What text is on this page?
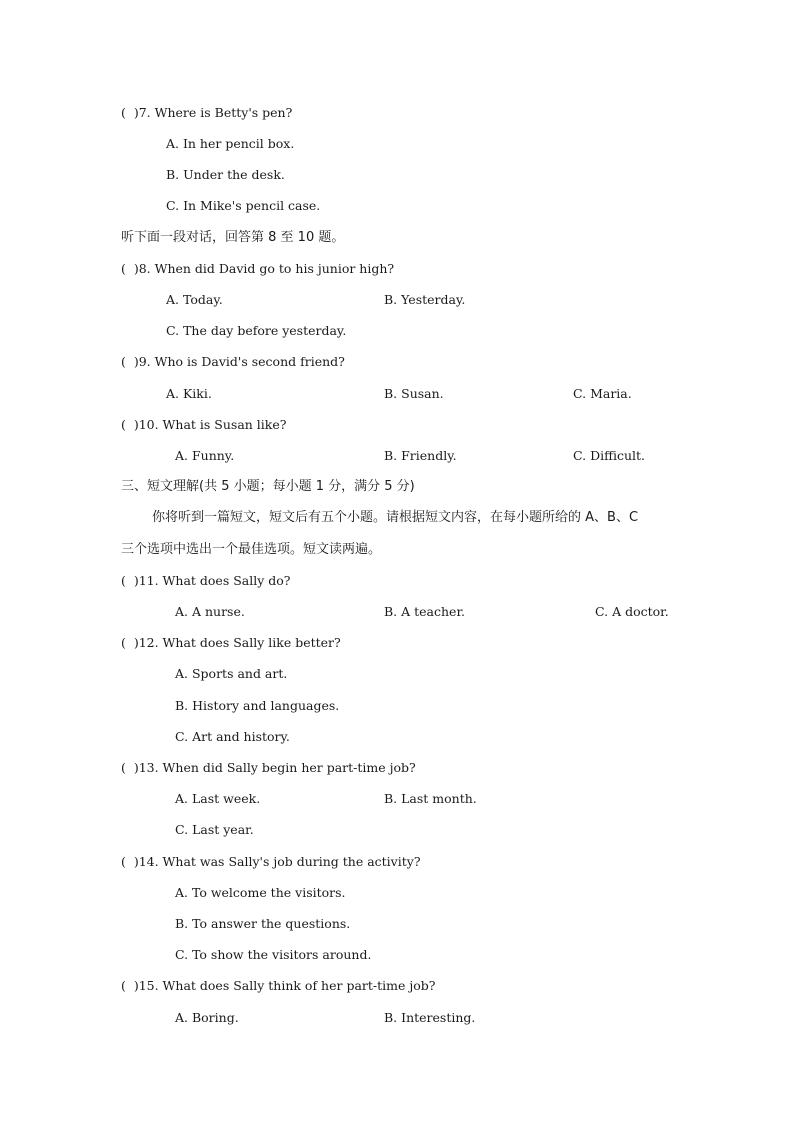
(  )7. Where is Betty's pen?
A. In her pencil box.
B. Under the desk.
C. In Mike's pencil case.
听下面一段对话，回答第 8 至 10 题。
(  )8. When did David go to his junior high?
A. Today.	B. Yesterday.
C. The day before yesterday.
(  )9. Who is David's second friend?
A. Kiki.	B. Susan.	C. Maria.
(  )10. What is Susan like?
A. Funny.	B. Friendly.	C. Difficult.
三、短文理解(共 5 小题；每小题 1 分，满分 5 分)
你将听到一篇短文，短文后有五个小题。请根据短文内容，在每小题所给的 A、B、C
三个选项中选出一个最佳选项。短文读两遍。
(  )11. What does Sally do?
A. A nurse.	B. A teacher.	C. A doctor.
(  )12. What does Sally like better?
A. Sports and art.
B. History and languages.
C. Art and history.
(  )13. When did Sally begin her part-time job?
A. Last week.	B. Last month.
C. Last year.
(  )14. What was Sally's job during the activity?
A. To welcome the visitors.
B. To answer the questions.
C. To show the visitors around.
(  )15. What does Sally think of her part-time job?
A. Boring.	B. Interesting.
